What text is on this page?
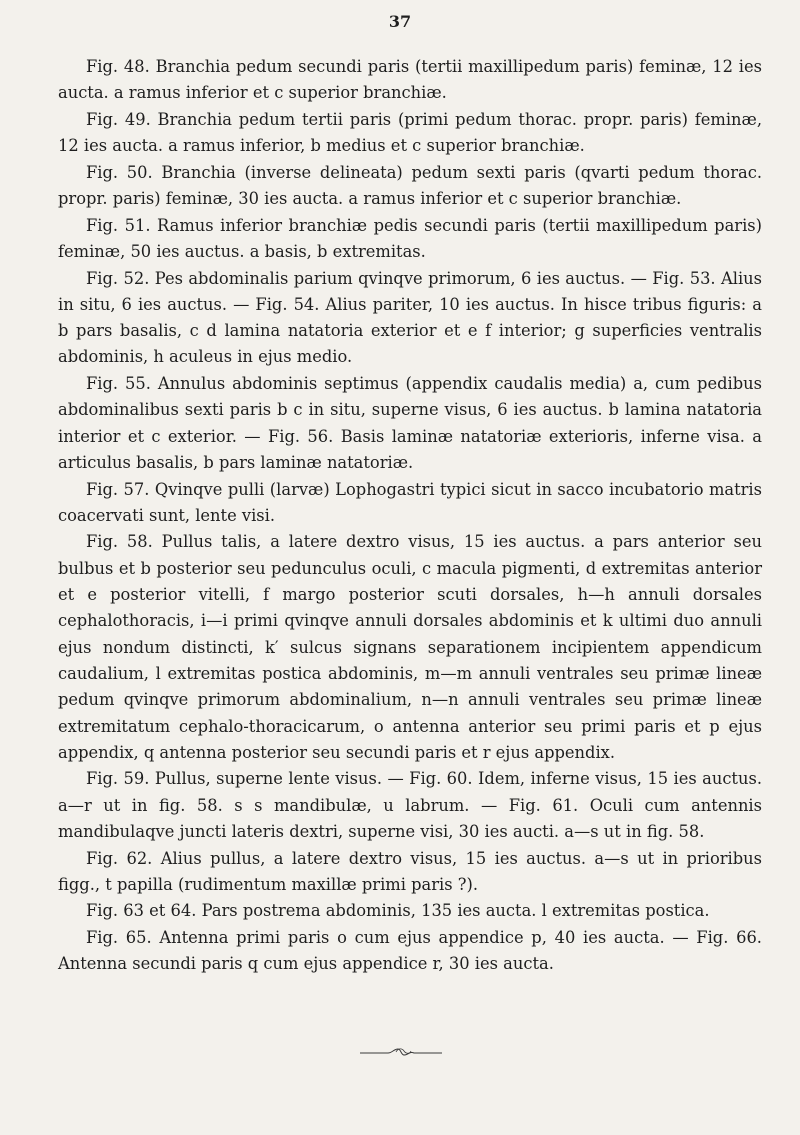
37

Fig. 48. Branchia pedum secundi paris (tertii maxillipedum paris) feminæ, 12 ies aucta. a ramus inferior et c superior branchiæ.

Fig. 49. Branchia pedum tertii paris (primi pedum thorac. propr. paris) feminæ, 12 ies aucta. a ramus inferior, b medius et c superior branchiæ.

Fig. 50. Branchia (inverse delineata) pedum sexti paris (qvarti pedum thorac. propr. paris) feminæ, 30 ies aucta. a ramus inferior et c superior branchiæ.

Fig. 51. Ramus inferior branchiæ pedis secundi paris (tertii maxillipedum paris) feminæ, 50 ies auctus. a basis, b extremitas.

Fig. 52. Pes abdominalis parium qvinqve primorum, 6 ies auctus. — Fig. 53. Alius in situ, 6 ies auctus. — Fig. 54. Alius pariter, 10 ies auctus. In hisce tribus figuris: a b pars basalis, c d lamina natatoria exterior et e f interior; g superficies ventralis abdominis, h aculeus in ejus medio.

Fig. 55. Annulus abdominis septimus (appendix caudalis media) a, cum pedibus abdominalibus sexti paris b c in situ, superne visus, 6 ies auctus. b lamina natatoria interior et c exterior. — Fig. 56. Basis laminæ natatoriæ exterioris, inferne visa. a articulus basalis, b pars laminæ natatoriæ.

Fig. 57. Qvinqve pulli (larvæ) Lophogastri typici sicut in sacco incubatorio matris coacervati sunt, lente visi.

Fig. 58. Pullus talis, a latere dextro visus, 15 ies auctus. a pars anterior seu bulbus et b posterior seu pedunculus oculi, c macula pigmenti, d extremitas anterior et e posterior vitelli, f margo posterior scuti dorsales, h—h annuli dorsales cephalothoracis, i—i primi qvinqve annuli dorsales abdominis et k ultimi duo annuli ejus nondum distincti, k′ sulcus signans separationem incipientem appendicum caudalium, l extremitas postica abdominis, m—m annuli ventrales seu primæ lineæ pedum qvinqve primorum abdominalium, n—n annuli ventrales seu primæ lineæ extremitatum cephalo-thoracicarum, o antenna anterior seu primi paris et p ejus appendix, q antenna posterior seu secundi paris et r ejus appendix.

Fig. 59. Pullus, superne lente visus. — Fig. 60. Idem, inferne visus, 15 ies auctus. a—r ut in fig. 58. s s mandibulæ, u labrum. — Fig. 61. Oculi cum antennis mandibulaqve juncti lateris dextri, superne visi, 30 ies aucti. a—s ut in fig. 58.

Fig. 62. Alius pullus, a latere dextro visus, 15 ies auctus. a—s ut in prioribus figg., t papilla (rudimentum maxillæ primi paris ?).

Fig. 63 et 64. Pars postrema abdominis, 135 ies aucta. l extremitas postica.

Fig. 65. Antenna primi paris o cum ejus appendice p, 40 ies aucta. — Fig. 66. Antenna secundi paris q cum ejus appendice r, 30 ies aucta.
